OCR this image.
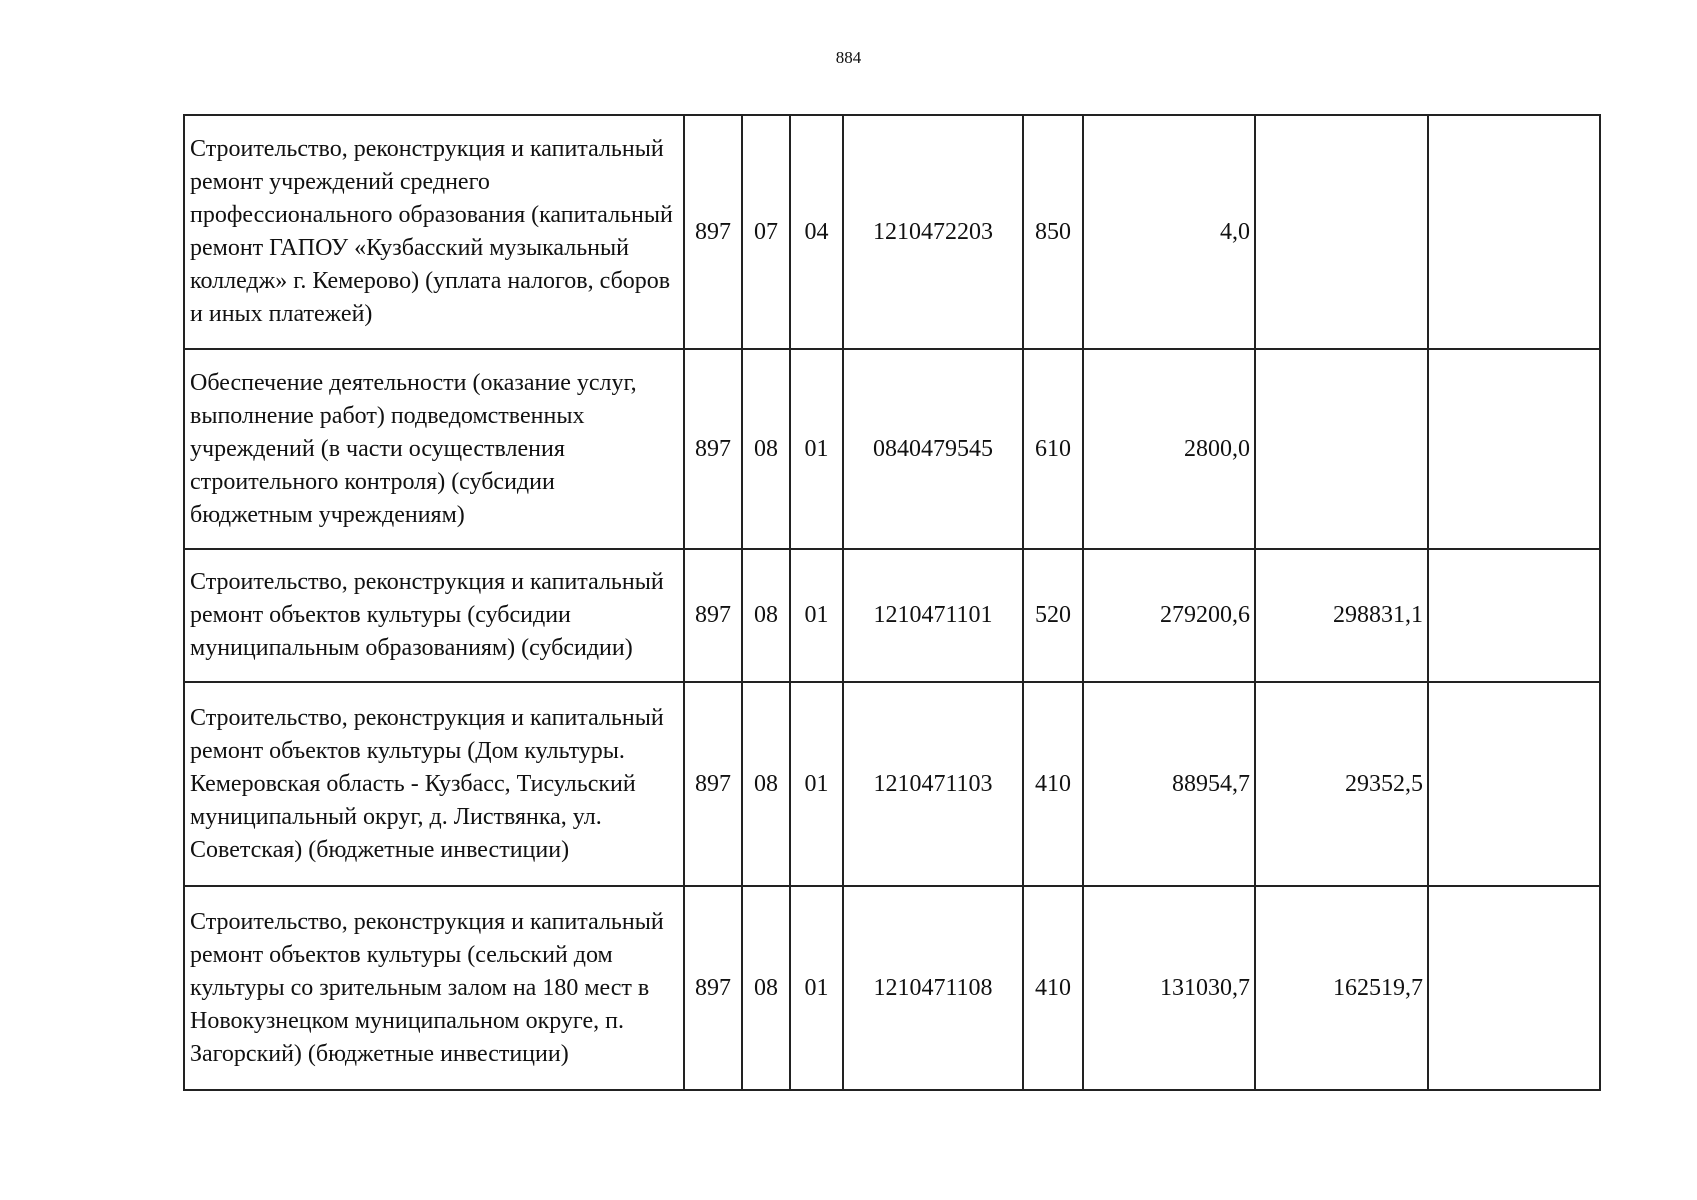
884
Строительство, реконструкция и капитальный ремонт учреждений среднего профессионального образования (капитальный ремонт ГАПОУ «Кузбасский музыкальный колледж» г. Кемерово) (уплата налогов, сборов и иных платежей)	897	07	04	1210472203	850	4,0		
Обеспечение деятельности (оказание услуг, выполнение работ) подведомственных учреждений (в части осуществления строительного контроля) (субсидии бюджетным учреждениям)	897	08	01	0840479545	610	2800,0		
Строительство, реконструкция и капитальный ремонт объектов культуры (субсидии муниципальным образованиям) (субсидии)	897	08	01	1210471101	520	279200,6	298831,1	
Строительство, реконструкция и капитальный ремонт объектов культуры (Дом культуры. Кемеровская область - Кузбасс, Тисульский муниципальный округ, д. Листвянка, ул. Советская) (бюджетные инвестиции)	897	08	01	1210471103	410	88954,7	29352,5	
Строительство, реконструкция и капитальный ремонт объектов культуры (сельский дом культуры со зрительным залом на 180 мест в Новокузнецком муниципальном округе, п. Загорский) (бюджетные инвестиции)	897	08	01	1210471108	410	131030,7	162519,7	
